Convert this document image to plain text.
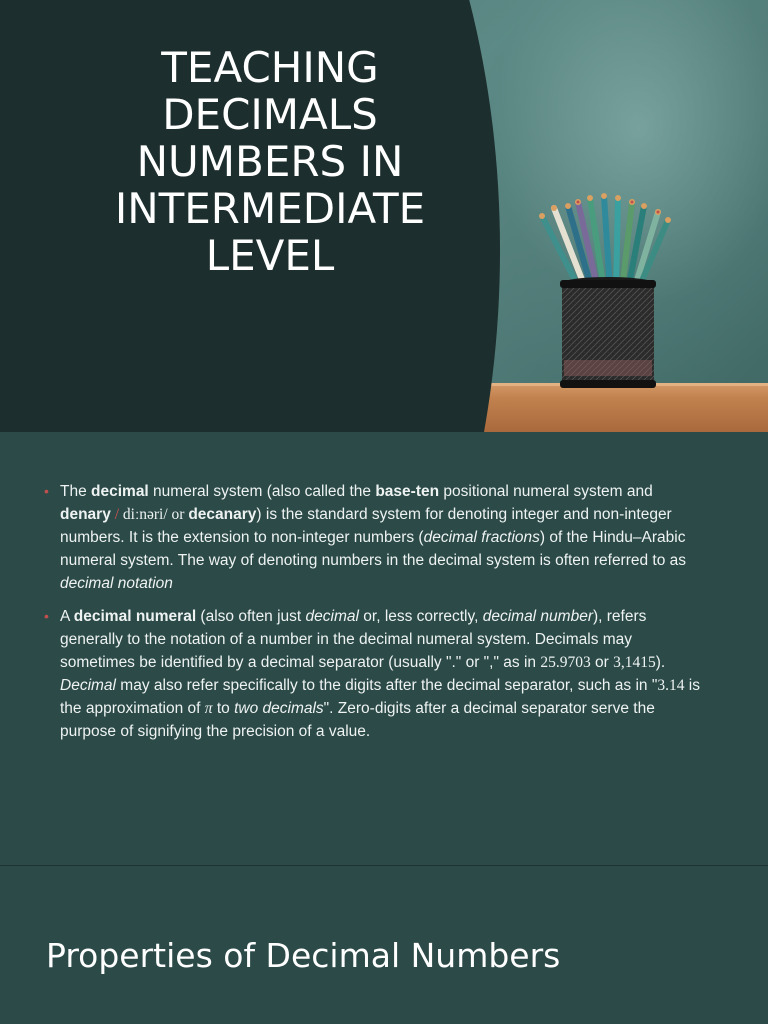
TEACHING
DECIMALS
NUMBERS IN
INTERMEDIATE
LEVEL
• The decimal numeral system (also called the base-ten positional numeral system and denary / diːnəri/ or decanary) is the standard system for denoting integer and non-integer numbers. It is the extension to non-integer numbers (decimal fractions) of the Hindu–Arabic numeral system. The way of denoting numbers in the decimal system is often referred to as decimal notation
• A decimal numeral (also often just decimal or, less correctly, decimal number), refers generally to the notation of a number in the decimal numeral system. Decimals may sometimes be identified by a decimal separator (usually "." or "," as in 25.9703 or 3,1415). Decimal may also refer specifically to the digits after the decimal separator, such as in "3.14 is the approximation of π to two decimals". Zero-digits after a decimal separator serve the purpose of signifying the precision of a value.
Properties of Decimal Numbers
